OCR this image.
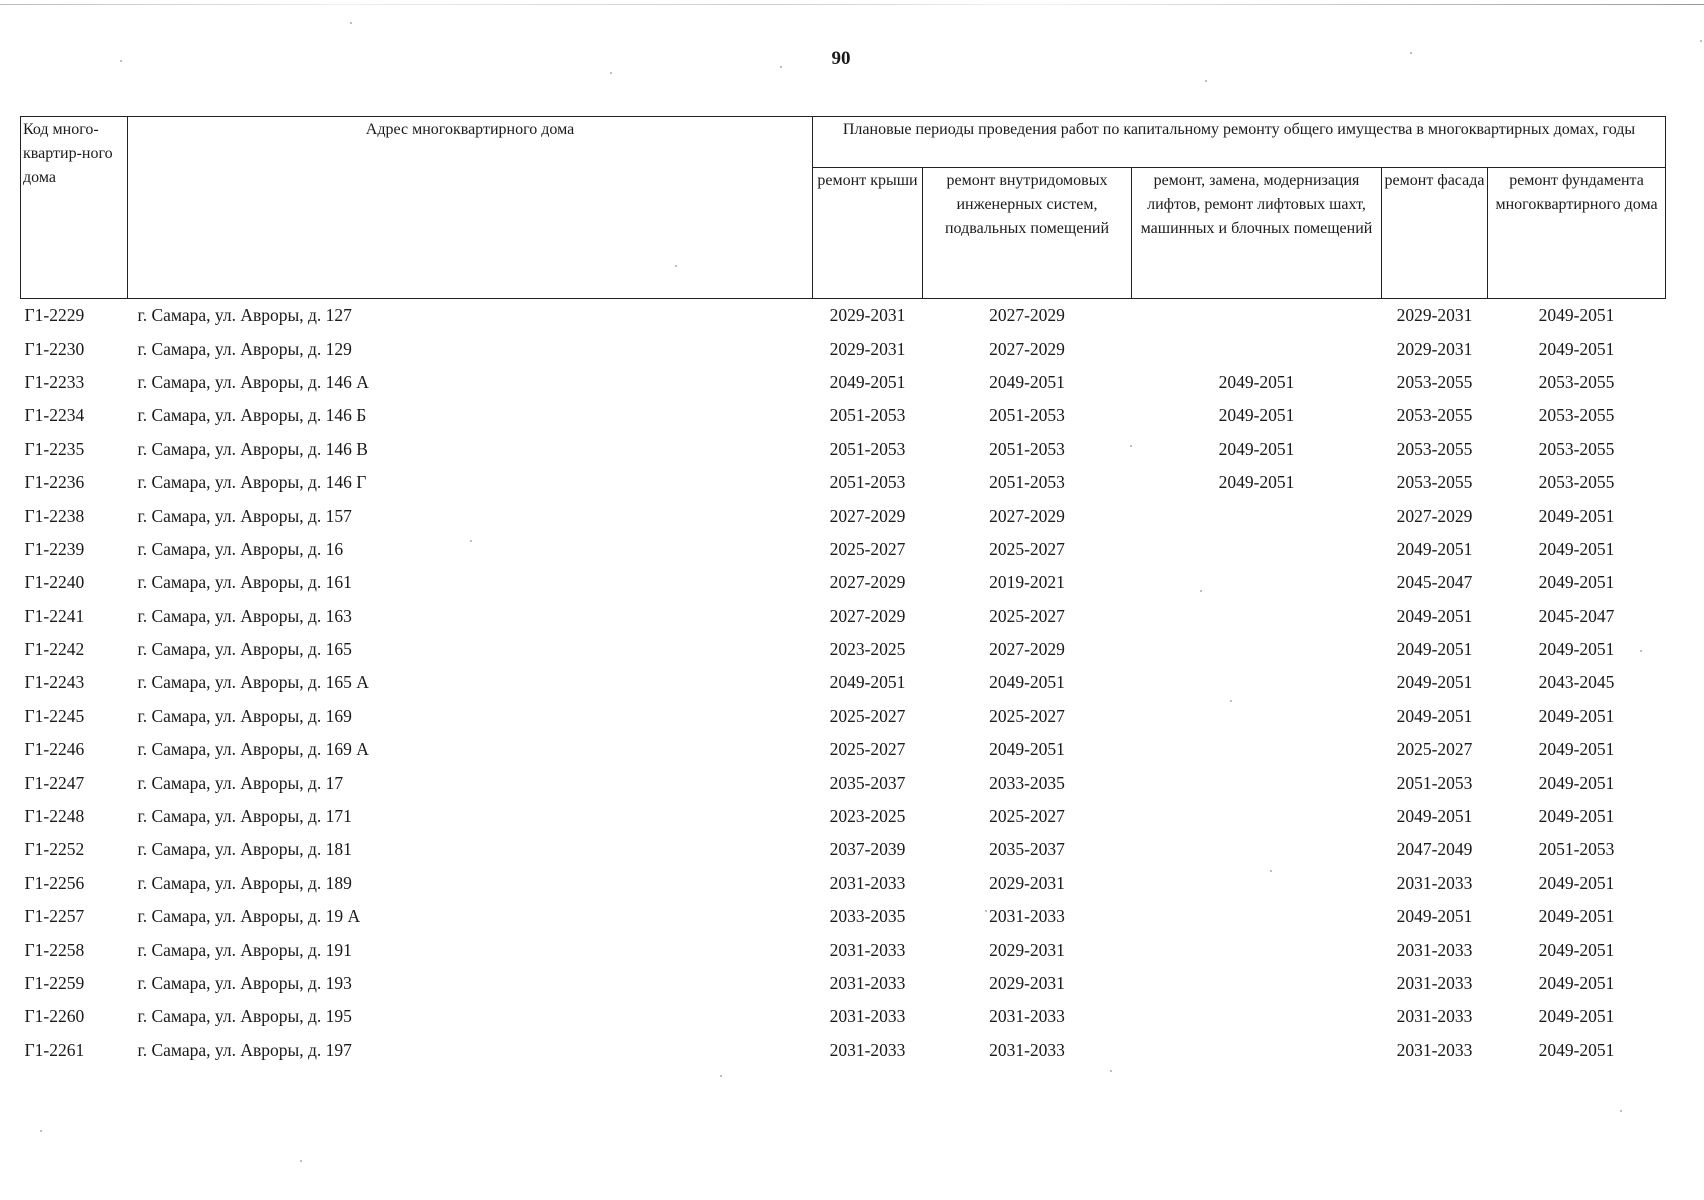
90
Код много-квартир-ного дома	Адрес многоквартирного дома	Плановые периоды проведения работ по капитальному ремонту общего имущества в многоквартирных домах, годы				
		ремонт крыши	ремонт внутридомовых инженерных систем, подвальных помещений	ремонт, замена, модернизация лифтов, ремонт лифтовых шахт, машинных и блочных помещений	ремонт фасада	ремонт фундамента многоквартирного дома
Г1-2229	г. Самара, ул. Авроры, д. 127	2029-2031	2027-2029		2029-2031	2049-2051
Г1-2230	г. Самара, ул. Авроры, д. 129	2029-2031	2027-2029		2029-2031	2049-2051
Г1-2233	г. Самара, ул. Авроры, д. 146 А	2049-2051	2049-2051	2049-2051	2053-2055	2053-2055
Г1-2234	г. Самара, ул. Авроры, д. 146 Б	2051-2053	2051-2053	2049-2051	2053-2055	2053-2055
Г1-2235	г. Самара, ул. Авроры, д. 146 В	2051-2053	2051-2053	2049-2051	2053-2055	2053-2055
Г1-2236	г. Самара, ул. Авроры, д. 146 Г	2051-2053	2051-2053	2049-2051	2053-2055	2053-2055
Г1-2238	г. Самара, ул. Авроры, д. 157	2027-2029	2027-2029		2027-2029	2049-2051
Г1-2239	г. Самара, ул. Авроры, д. 16	2025-2027	2025-2027		2049-2051	2049-2051
Г1-2240	г. Самара, ул. Авроры, д. 161	2027-2029	2019-2021		2045-2047	2049-2051
Г1-2241	г. Самара, ул. Авроры, д. 163	2027-2029	2025-2027		2049-2051	2045-2047
Г1-2242	г. Самара, ул. Авроры, д. 165	2023-2025	2027-2029		2049-2051	2049-2051
Г1-2243	г. Самара, ул. Авроры, д. 165 А	2049-2051	2049-2051		2049-2051	2043-2045
Г1-2245	г. Самара, ул. Авроры, д. 169	2025-2027	2025-2027		2049-2051	2049-2051
Г1-2246	г. Самара, ул. Авроры, д. 169 А	2025-2027	2049-2051		2025-2027	2049-2051
Г1-2247	г. Самара, ул. Авроры, д. 17	2035-2037	2033-2035		2051-2053	2049-2051
Г1-2248	г. Самара, ул. Авроры, д. 171	2023-2025	2025-2027		2049-2051	2049-2051
Г1-2252	г. Самара, ул. Авроры, д. 181	2037-2039	2035-2037		2047-2049	2051-2053
Г1-2256	г. Самара, ул. Авроры, д. 189	2031-2033	2029-2031		2031-2033	2049-2051
Г1-2257	г. Самара, ул. Авроры, д. 19 А	2033-2035	2031-2033		2049-2051	2049-2051
Г1-2258	г. Самара, ул. Авроры, д. 191	2031-2033	2029-2031		2031-2033	2049-2051
Г1-2259	г. Самара, ул. Авроры, д. 193	2031-2033	2029-2031		2031-2033	2049-2051
Г1-2260	г. Самара, ул. Авроры, д. 195	2031-2033	2031-2033		2031-2033	2049-2051
Г1-2261	г. Самара, ул. Авроры, д. 197	2031-2033	2031-2033		2031-2033	2049-2051
